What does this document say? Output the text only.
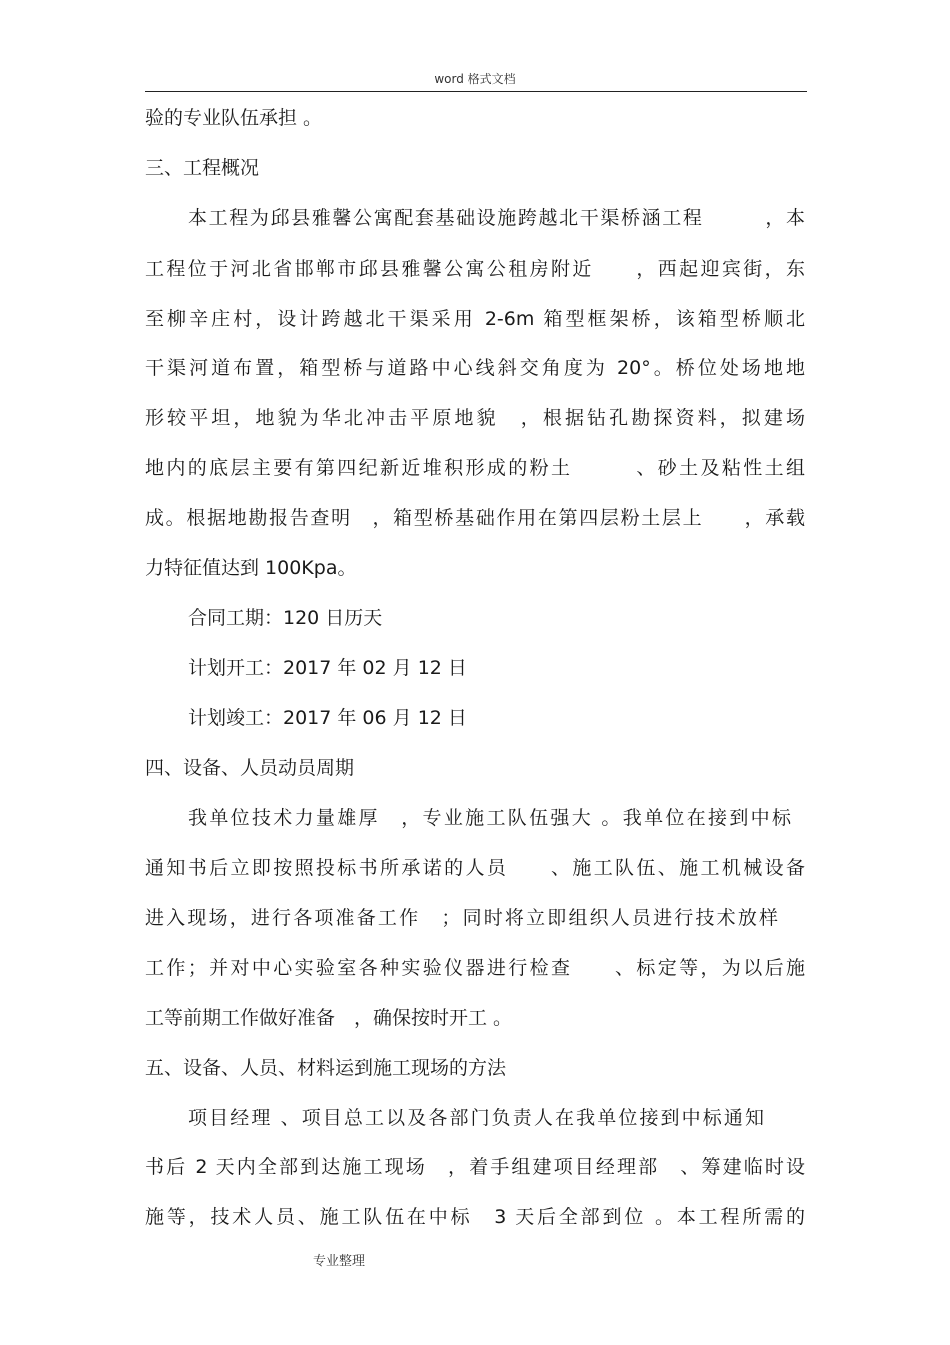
word 格式文档
验的专业队伍承担 。
三、工程概况
本工程为邱县雅馨公寓配套基础设施跨越北干渠桥涵工程　　　，本
工程位于河北省邯郸市邱县雅馨公寓公租房附近　　，西起迎宾街，东
至柳辛庄村，设计跨越北干渠采用 2-6m 箱型框架桥，该箱型桥顺北
干渠河道布置，箱型桥与道路中心线斜交角度为 20°。桥位处场地地
形较平坦，地貌为华北冲击平原地貌　，根据钻孔勘探资料，拟建场
地内的底层主要有第四纪新近堆积形成的粉土　　　、砂土及粘性土组
成。根据地勘报告查明　，箱型桥基础作用在第四层粉土层上　　，承载
力特征值达到 100Kpa。
合同工期：120 日历天
计划开工：2017 年 02 月 12 日
计划竣工：2017 年 06 月 12 日
四、设备、人员动员周期
我单位技术力量雄厚　，专业施工队伍强大 。我单位在接到中标
通知书后立即按照投标书所承诺的人员　　、施工队伍、施工机械设备
进入现场，进行各项准备工作　；同时将立即组织人员进行技术放样
工作；并对中心实验室各种实验仪器进行检查　　、标定等，为以后施
工等前期工作做好准备　，确保按时开工 。
五、设备、人员、材料运到施工现场的方法
项目经理 、项目总工以及各部门负责人在我单位接到中标通知
书后 2 天内全部到达施工现场　，着手组建项目经理部　、筹建临时设
施等，技术人员、施工队伍在中标　3 天后全部到位 。本工程所需的
专业整理
